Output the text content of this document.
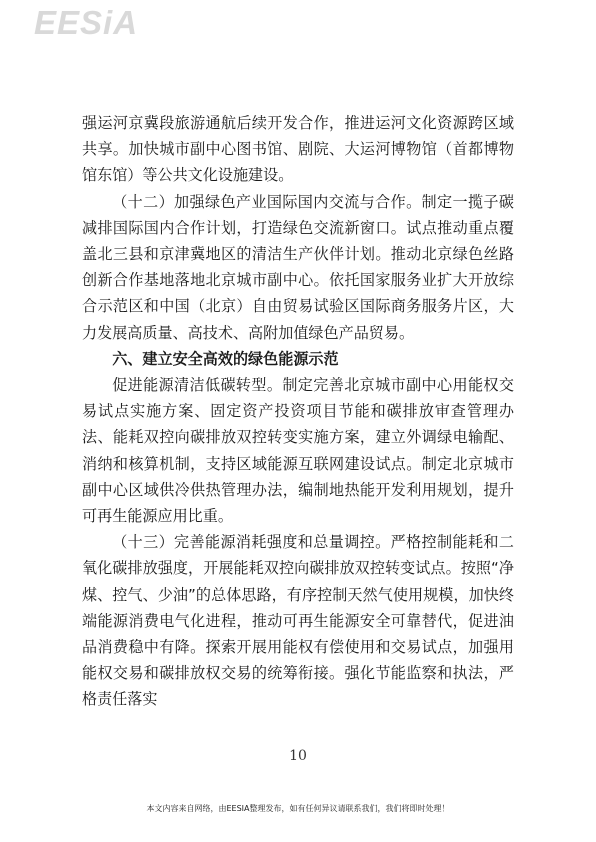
EESiA

强运河京冀段旅游通航后续开发合作，推进运河文化资源跨区域共享。加快城市副中心图书馆、剧院、大运河博物馆（首都博物馆东馆）等公共文化设施建设。

（十二）加强绿色产业国际国内交流与合作。制定一揽子碳减排国际国内合作计划，打造绿色交流新窗口。试点推动重点覆盖北三县和京津冀地区的清洁生产伙伴计划。推动北京绿色丝路创新合作基地落地北京城市副中心。依托国家服务业扩大开放综合示范区和中国（北京）自由贸易试验区国际商务服务片区，大力发展高质量、高技术、高附加值绿色产品贸易。

六、建立安全高效的绿色能源示范

促进能源清洁低碳转型。制定完善北京城市副中心用能权交易试点实施方案、固定资产投资项目节能和碳排放审查管理办法、能耗双控向碳排放双控转变实施方案，建立外调绿电输配、消纳和核算机制，支持区域能源互联网建设试点。制定北京城市副中心区域供冷供热管理办法，编制地热能开发利用规划，提升可再生能源应用比重。

（十三）完善能源消耗强度和总量调控。严格控制能耗和二氧化碳排放强度，开展能耗双控向碳排放双控转变试点。按照“净煤、控气、少油”的总体思路，有序控制天然气使用规模，加快终端能源消费电气化进程，推动可再生能源安全可靠替代，促进油品消费稳中有降。探索开展用能权有偿使用和交易试点，加强用能权交易和碳排放权交易的统筹衔接。强化节能监察和执法，严格责任落实

10
本文内容来自网络，由EESIA整理发布，如有任何异议请联系我们，我们将即时处理！
